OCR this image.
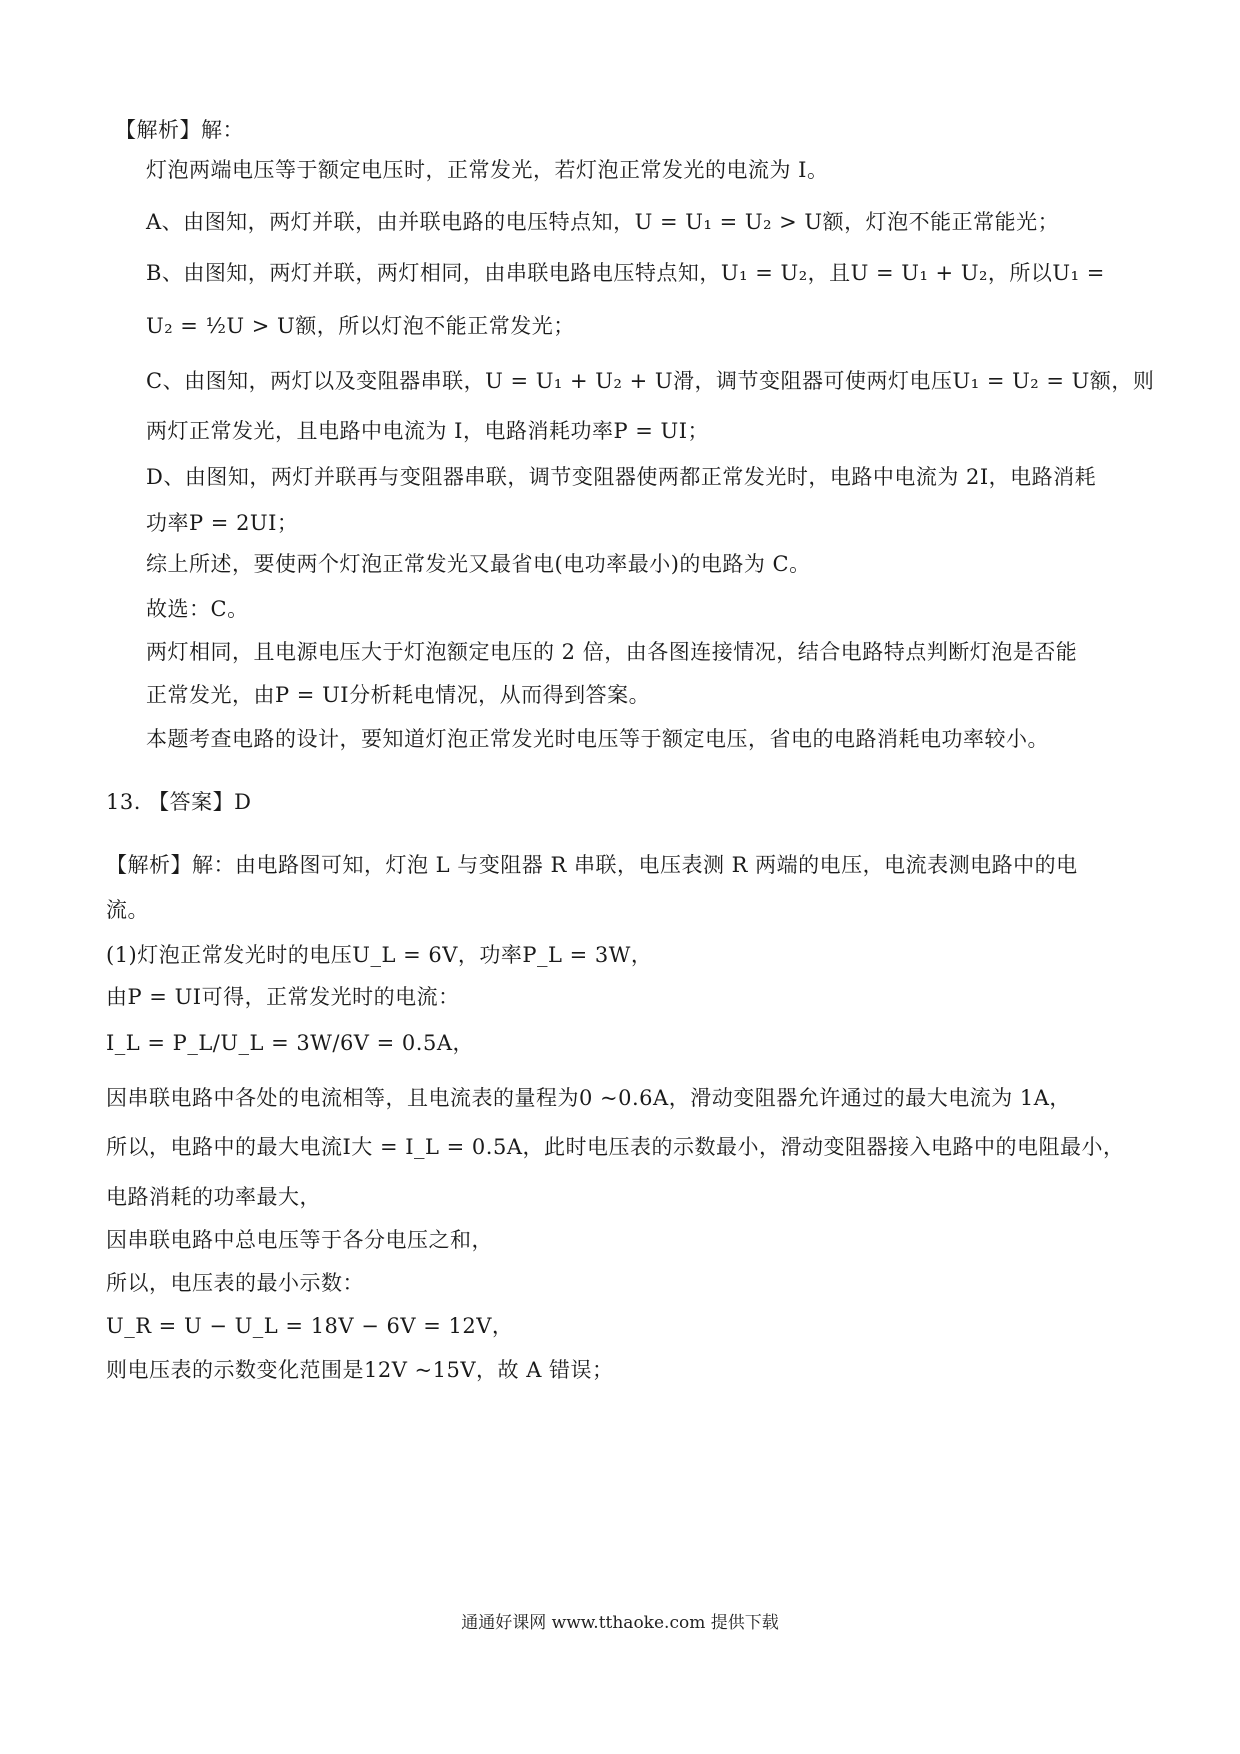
【解析】解：

灯泡两端电压等于额定电压时，正常发光，若灯泡正常发光的电流为 I。

A、由图知，两灯并联，由并联电路的电压特点知，U = U₁ = U₂ > U额，灯泡不能正常能光；

B、由图知，两灯并联，两灯相同，由串联电路电压特点知，U₁ = U₂，且U = U₁ + U₂，所以U₁ =

U₂ = ½U > U额，所以灯泡不能正常发光；

C、由图知，两灯以及变阻器串联，U = U₁ + U₂ + U滑，调节变阻器可使两灯电压U₁ = U₂ = U额，则

两灯正常发光，且电路中电流为 I，电路消耗功率P = UI；

D、由图知，两灯并联再与变阻器串联，调节变阻器使两都正常发光时，电路中电流为 2I，电路消耗

功率P = 2UI；

综上所述，要使两个灯泡正常发光又最省电(电功率最小)的电路为 C。

故选：C。

两灯相同，且电源电压大于灯泡额定电压的 2 倍，由各图连接情况，结合电路特点判断灯泡是否能

正常发光，由P = UI分析耗电情况，从而得到答案。

本题考查电路的设计，要知道灯泡正常发光时电压等于额定电压，省电的电路消耗电功率较小。

13. 【答案】D

【解析】解：由电路图可知，灯泡 L 与变阻器 R 串联，电压表测 R 两端的电压，电流表测电路中的电

流。

(1)灯泡正常发光时的电压U_L = 6V，功率P_L = 3W，

由P = UI可得，正常发光时的电流：

I_L = P_L/U_L = 3W/6V = 0.5A，

因串联电路中各处的电流相等，且电流表的量程为0 ~0.6A，滑动变阻器允许通过的最大电流为 1A，

所以，电路中的最大电流I大 = I_L = 0.5A，此时电压表的示数最小，滑动变阻器接入电路中的电阻最小，

电路消耗的功率最大，

因串联电路中总电压等于各分电压之和，

所以，电压表的最小示数：

U_R = U − U_L = 18V − 6V = 12V，

则电压表的示数变化范围是12V ~15V，故 A 错误；

通通好课网 www.tthaoke.com 提供下载
